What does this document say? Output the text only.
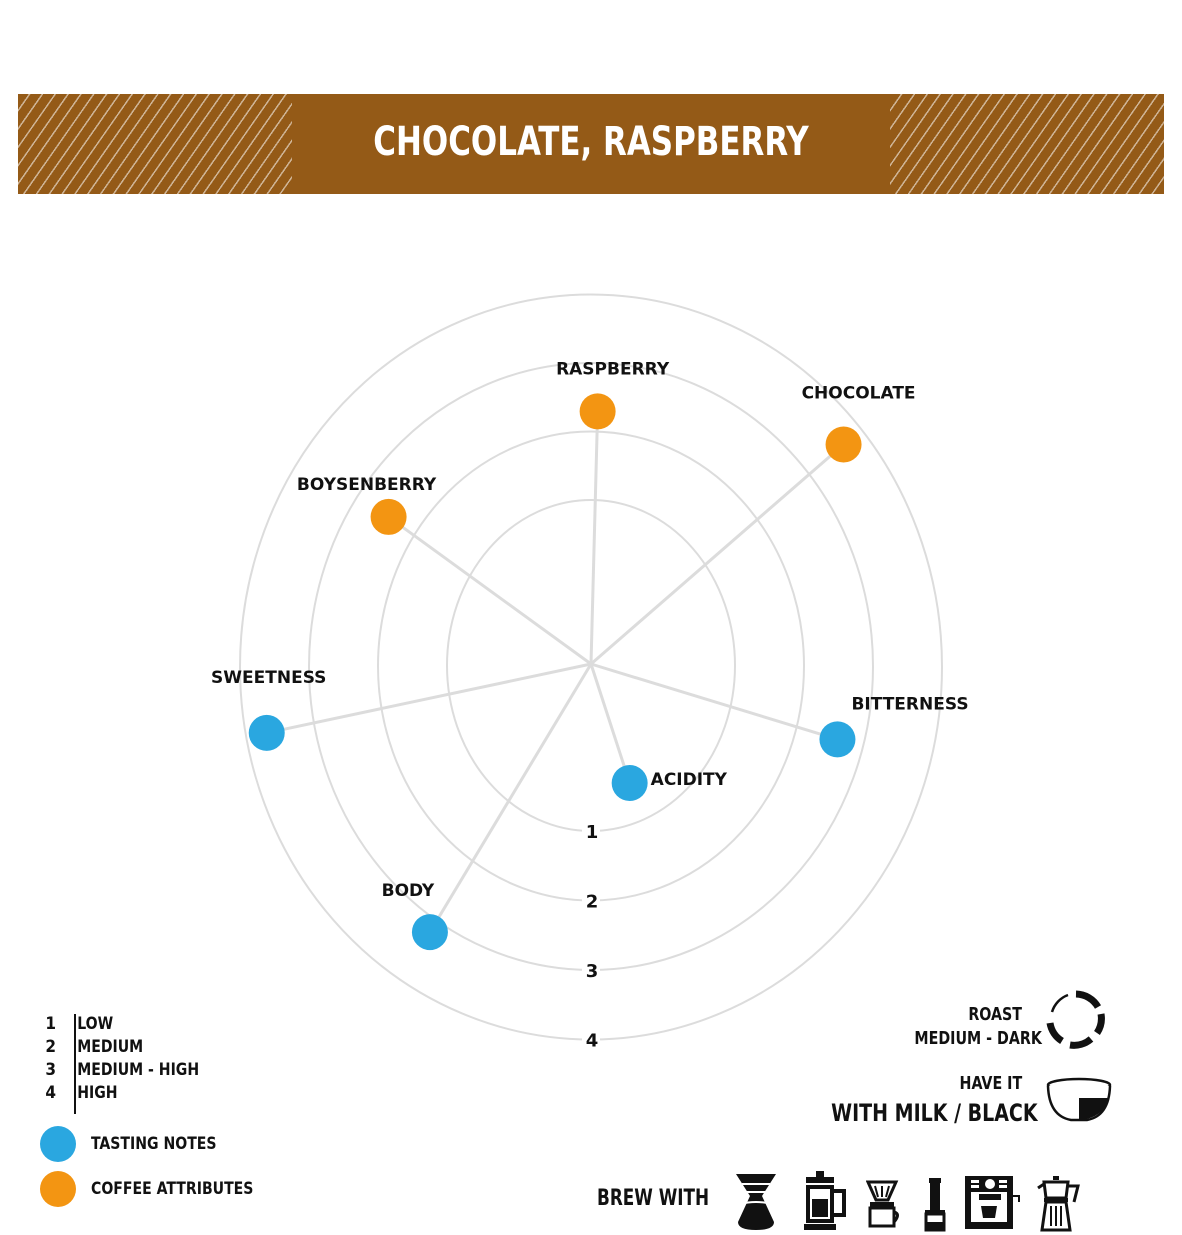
CHOCOLATE, RASPBERRY
1
2
3
4
RASPBERRY
CHOCOLATE
BITTERNESS
ACIDITY
BODY
SWEETNESS
BOYSENBERRY
1	LOW
2	MEDIUM
3	MEDIUM - HIGH
4	HIGH
TASTING NOTES
COFFEE ATTRIBUTES
ROAST
MEDIUM - DARK
HAVE IT
WITH MILK / BLACK
BREW WITH
